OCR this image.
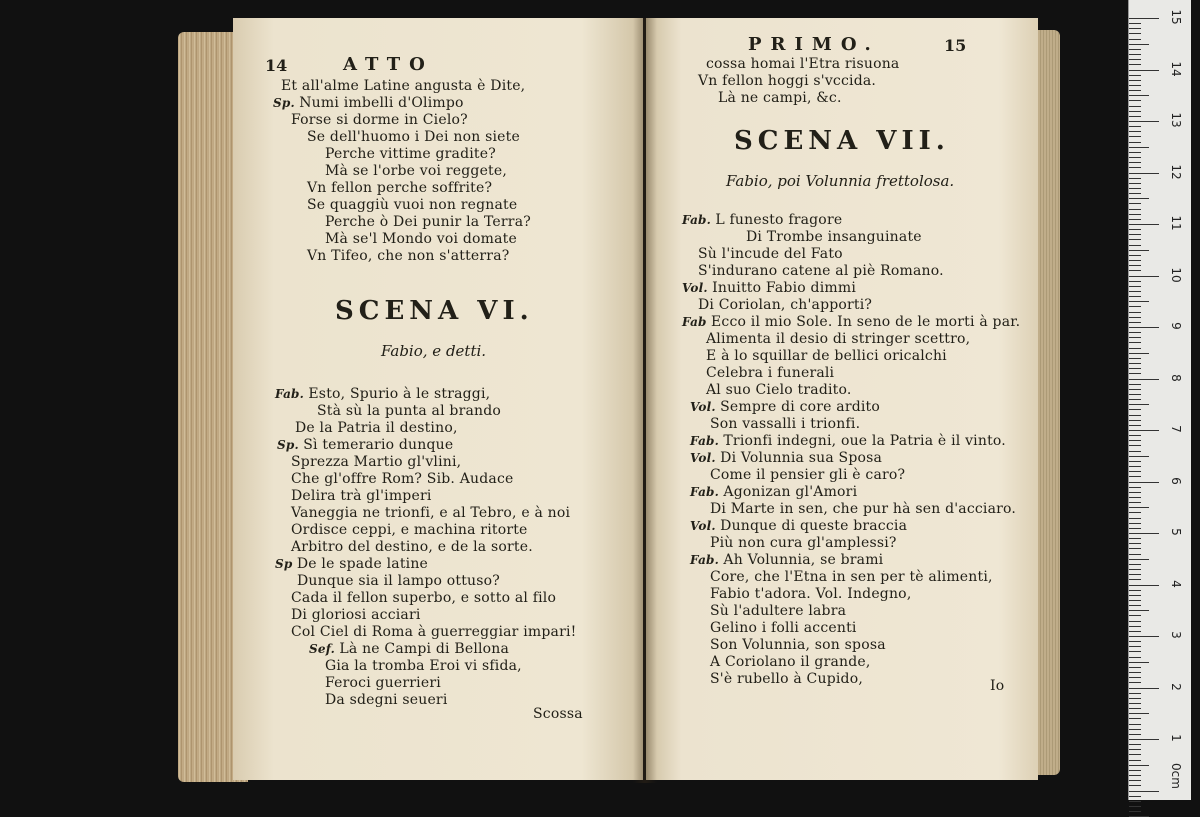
14	ATTO
Et all'alme Latine angusta è Dite,
Sp. Numi imbelli d'Olimpo
Forse si dorme in Cielo?
Se dell'huomo i Dei non siete
Perche vittime gradite?
Mà se l'orbe voi reggete,
Vn fellon perche soffrite?
Se quaggiù vuoi non regnate
Perche ò Dei punir la Terra?
Mà se'l Mondo voi domate
Vn Tifeo, che non s'atterra?
SCENA VI.
Fabio, e detti.
Fab. Esto, Spurio à le straggi,
Stà sù la punta al brando
De la Patria il destino,
Sp. Sì temerario dunque
Sprezza Martio gl'vlini,
Che gl'offre Rom? Sib. Audace
Delira trà gl'imperi
Vaneggia ne trionfi, e al Tebro, e à noi
Ordisce ceppi, e machina ritorte
Arbitro del destino, e de la sorte.
Sp De le spade latine
Dunque sia il lampo ottuso?
Cada il fellon superbo, e sotto al filo
Di gloriosi acciari
Col Ciel di Roma à guerreggiar impari!
Sef. Là ne Campi di Bellona
Gia la tromba Eroi vi sfida,
Feroci guerrieri
Da sdegni seueri
Scossa
PRIMO.	15
cossa homai l'Etra risuona
Vn fellon hoggi s'vccida.
Là ne campi, &c.
SCENA VII.
Fabio, poi Volunnia frettolosa.
Fab. L funesto fragore
Di Trombe insanguinate
Sù l'incude del Fato
S'indurano catene al piè Romano.
Vol. Inuitto Fabio dimmi
Di Coriolan, ch'apporti?
Fab Ecco il mio Sole. In seno de le morti à par.
Alimenta il desio di stringer scettro,
E à lo squillar de bellici oricalchi
Celebra i funerali
Al suo Cielo tradito.
Vol. Sempre di core ardito
Son vassalli i trionfi.
Fab. Trionfi indegni, oue la Patria è il vinto.
Vol. Di Volunnia sua Sposa
Come il pensier gli è caro?
Fab. Agonizan gl'Amori
Di Marte in sen, che pur hà sen d'acciaro.
Vol. Dunque di queste braccia
Più non cura gl'amplessi?
Fab. Ah Volunnia, se brami
Core, che l'Etna in sen per tè alimenti,
Fabio t'adora. Vol. Indegno,
Sù l'adultere labra
Gelino i folli accenti
Son Volunnia, son sposa
A Coriolano il grande,
S'è rubello à Cupido,	Io
15
14
13
12
11
10
9
8
7
6
5
4
3
2
1
0cm
